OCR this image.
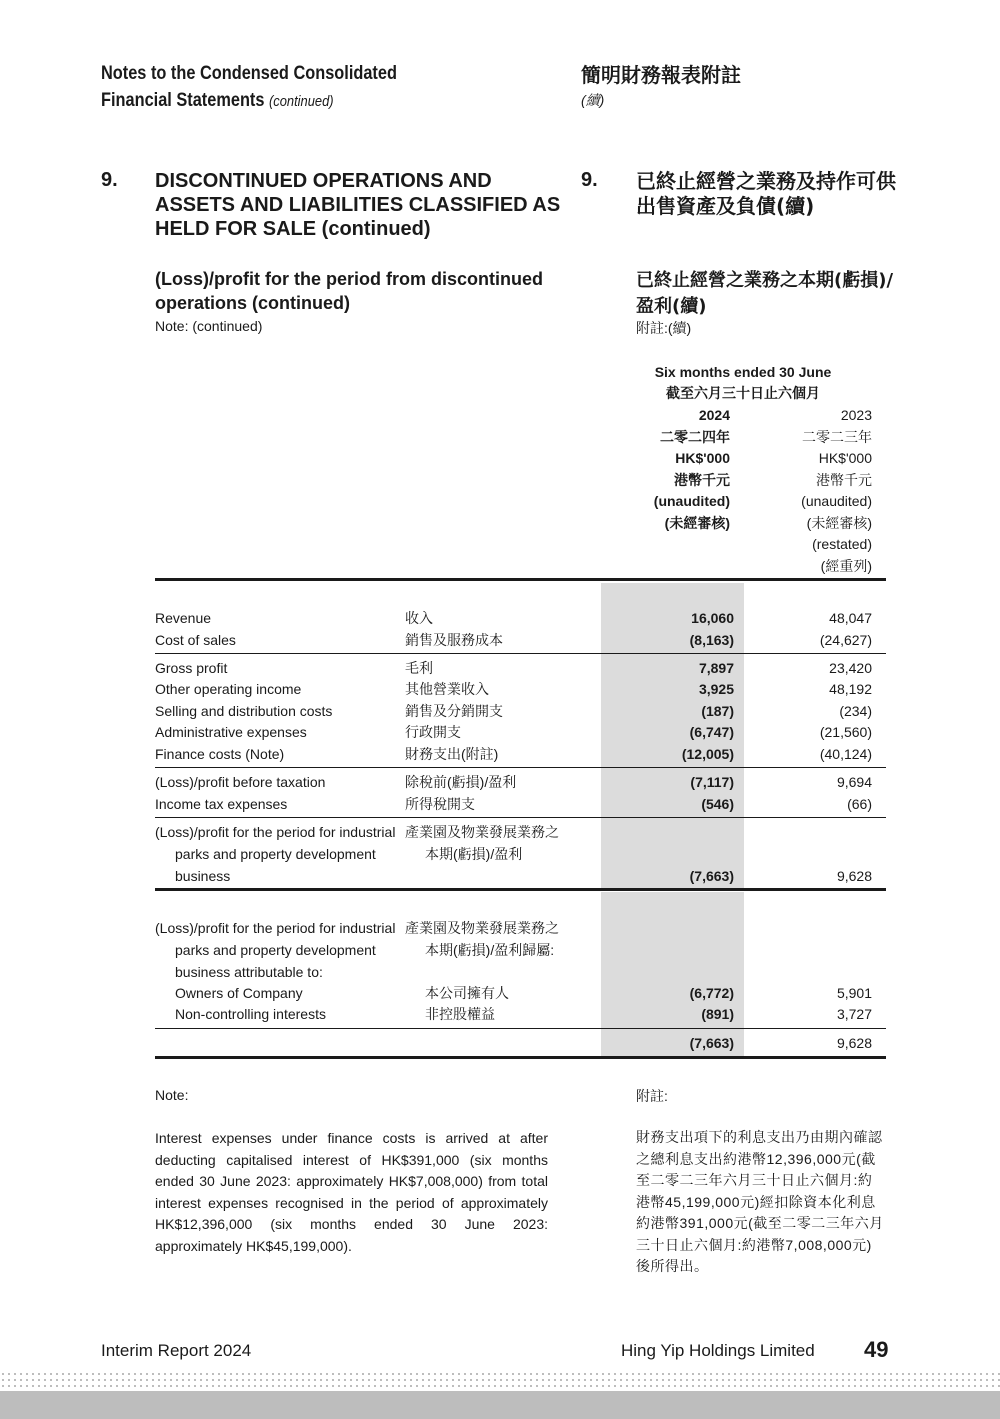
Notes to the Condensed Consolidated
Financial Statements (continued)
簡明財務報表附註
(續)
9.	9.
DISCONTINUED OPERATIONS AND ASSETS AND LIABILITIES CLASSIFIED AS HELD FOR SALE (continued)
已終止經營之業務及持作可供出售資產及負債(續)
(Loss)/profit for the period from discontinued operations (continued)
已終止經營之業務之本期(虧損)/盈利(續)
Note: (continued)	附註:(續)
Six months ended 30 June
截至六月三十日止六個月
2024
二零二四年
HK$'000
港幣千元
(unaudited)
(未經審核)
2023
二零二三年
HK$'000
港幣千元
(unaudited)
(未經審核)
(restated)
(經重列)
Revenue	收入	16,060	48,047
Cost of sales	銷售及服務成本	(8,163)	(24,627)
Gross profit	毛利	7,897	23,420
Other operating income	其他營業收入	3,925	48,192
Selling and distribution costs	銷售及分銷開支	(187)	(234)
Administrative expenses	行政開支	(6,747)	(21,560)
Finance costs (Note)	財務支出(附註)	(12,005)	(40,124)
(Loss)/profit before taxation	除稅前(虧損)/盈利	(7,117)	9,694
Income tax expenses	所得稅開支	(546)	(66)
(Loss)/profit for the period for industrial 產業園及物業發展業務之
parks and property development	本期(虧損)/盈利
business	(7,663)	9,628
(Loss)/profit for the period for industrial 產業園及物業發展業務之
parks and property development	本期(虧損)/盈利歸屬:
business attributable to:
Owners of Company	本公司擁有人	(6,772)	5,901
Non-controlling interests	非控股權益	(891)	3,727
(7,663)	9,628
Note:	附註:
Interest expenses under finance costs is arrived at after deducting capitalised interest of HK$391,000 (six months ended 30 June 2023: approximately HK$7,008,000) from total interest expenses recognised in the period of approximately HK$12,396,000 (six months ended 30 June 2023: approximately HK$45,199,000).
財務支出項下的利息支出乃由期內確認之總利息支出約港幣12,396,000元(截至二零二三年六月三十日止六個月:約港幣45,199,000元)經扣除資本化利息約港幣391,000元(截至二零二三年六月三十日止六個月:約港幣7,008,000元)後所得出。
Interim Report 2024	Hing Yip Holdings Limited 49
